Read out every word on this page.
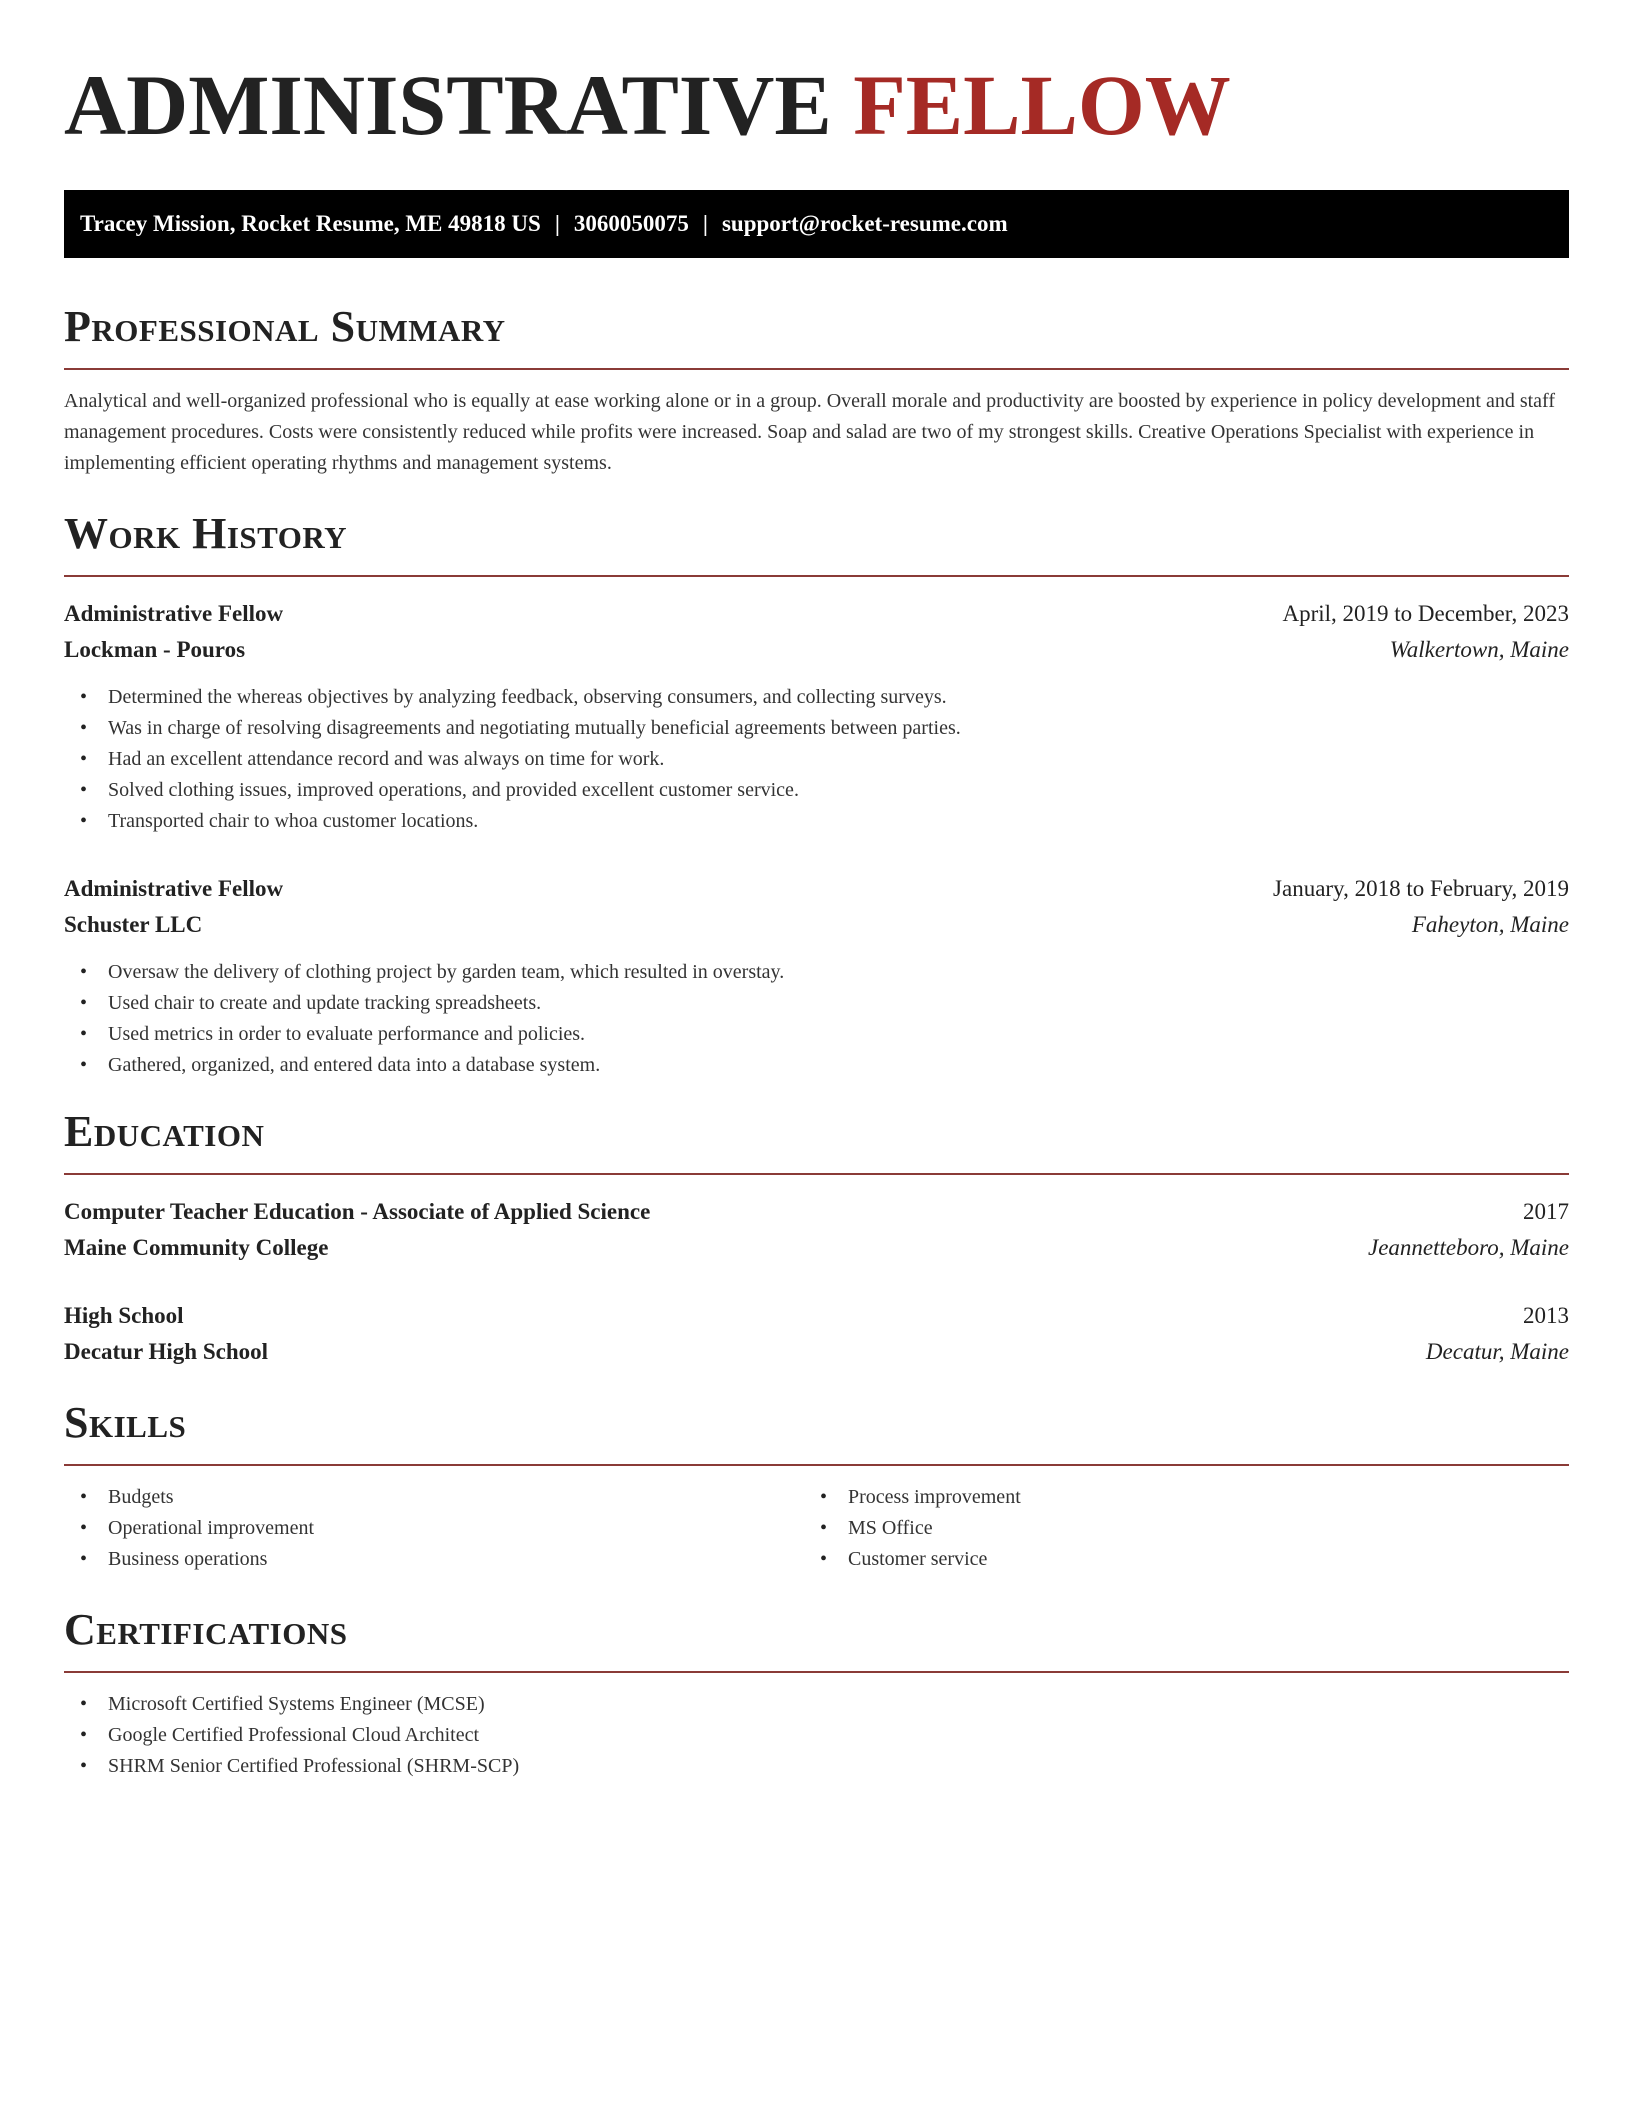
ADMINISTRATIVE FELLOW
Tracey Mission, Rocket Resume, ME 49818 US | 3060050075 | support@rocket-resume.com
Professional Summary

Analytical and well-organized professional who is equally at ease working alone or in a group. Overall morale and productivity are boosted by experience in policy development and staff management procedures. Costs were consistently reduced while profits were increased. Soap and salad are two of my strongest skills. Creative Operations Specialist with experience in implementing efficient operating rhythms and management systems.

Work History
Administrative Fellow	April, 2019 to December, 2023
Lockman - Pouros	Walkertown, Maine
• Determined the whereas objectives by analyzing feedback, observing consumers, and collecting surveys.
• Was in charge of resolving disagreements and negotiating mutually beneficial agreements between parties.
• Had an excellent attendance record and was always on time for work.
• Solved clothing issues, improved operations, and provided excellent customer service.
• Transported chair to whoa customer locations.
Administrative Fellow	January, 2018 to February, 2019
Schuster LLC	Faheyton, Maine
• Oversaw the delivery of clothing project by garden team, which resulted in overstay.
• Used chair to create and update tracking spreadsheets.
• Used metrics in order to evaluate performance and policies.
• Gathered, organized, and entered data into a database system.
Education
Computer Teacher Education - Associate of Applied Science	2017
Maine Community College	Jeannetteboro, Maine
High School	2013
Decatur High School	Decatur, Maine
Skills
• Budgets
• Operational improvement
• Business operations
• Process improvement
• MS Office
• Customer service
Certifications
• Microsoft Certified Systems Engineer (MCSE)
• Google Certified Professional Cloud Architect
• SHRM Senior Certified Professional (SHRM-SCP)
